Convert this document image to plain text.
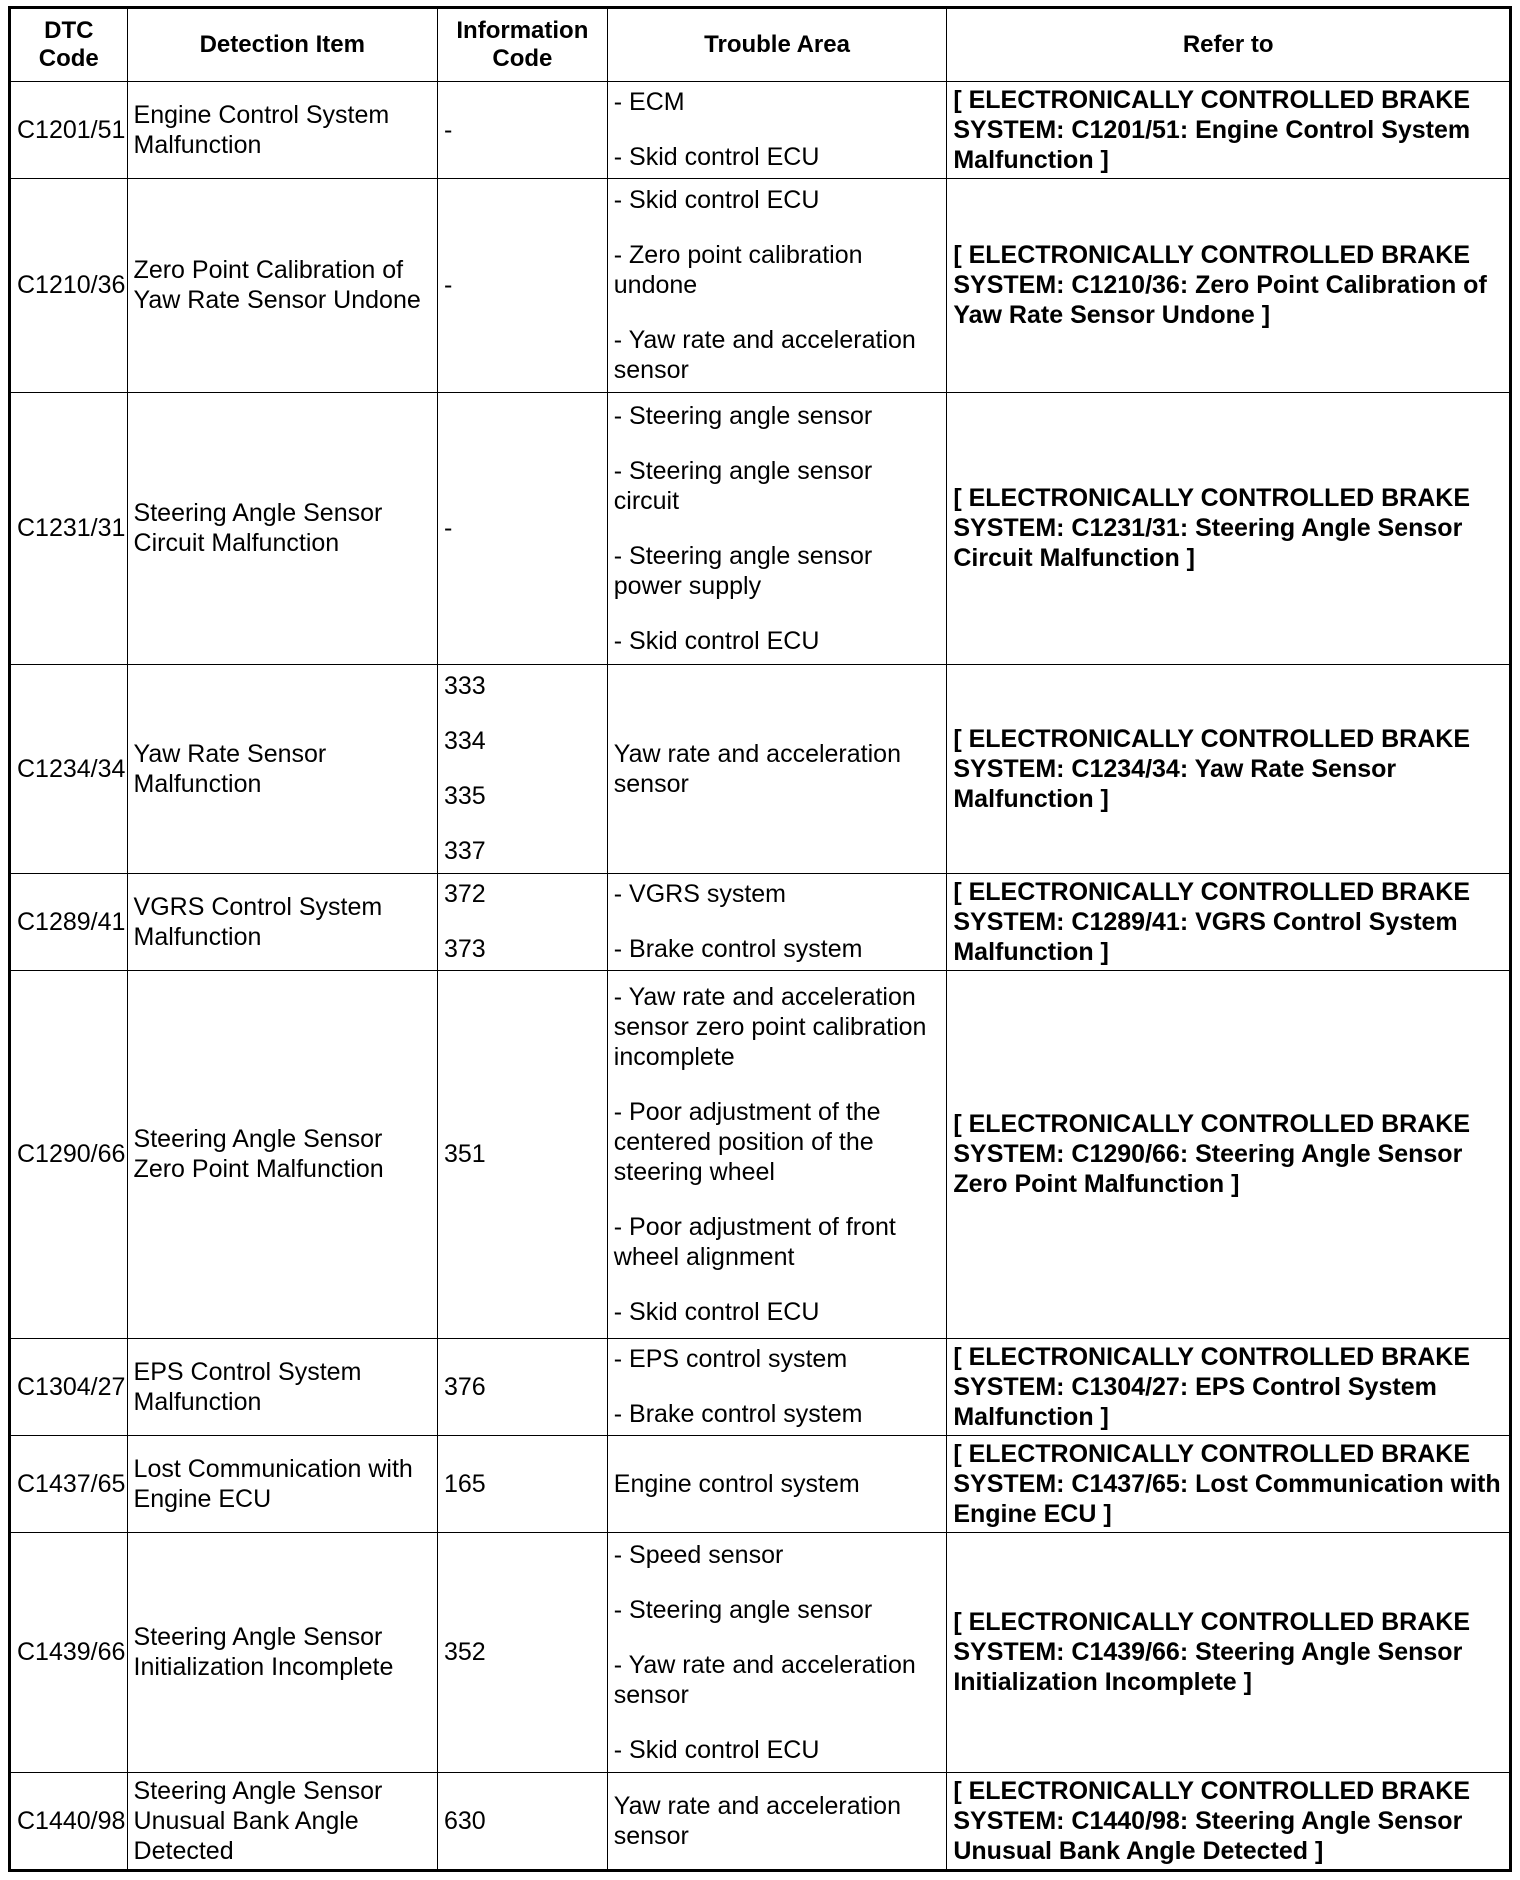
DTC Code	Detection Item	Information Code	Trouble Area	Refer to
C1201/51	Engine Control System Malfunction	-	- ECM
- Skid control ECU	[ ELECTRONICALLY CONTROLLED BRAKE SYSTEM: C1201/51: Engine Control System Malfunction ]
C1210/36	Zero Point Calibration of Yaw Rate Sensor Undone	-	- Skid control ECU
- Zero point calibration undone
- Yaw rate and acceleration sensor	[ ELECTRONICALLY CONTROLLED BRAKE SYSTEM: C1210/36: Zero Point Calibration of Yaw Rate Sensor Undone ]
C1231/31	Steering Angle Sensor Circuit Malfunction	-	- Steering angle sensor
- Steering angle sensor circuit
- Steering angle sensor power supply
- Skid control ECU	[ ELECTRONICALLY CONTROLLED BRAKE SYSTEM: C1231/31: Steering Angle Sensor Circuit Malfunction ]
C1234/34	Yaw Rate Sensor Malfunction	333
334
335
337	Yaw rate and acceleration sensor	[ ELECTRONICALLY CONTROLLED BRAKE SYSTEM: C1234/34: Yaw Rate Sensor Malfunction ]
C1289/41	VGRS Control System Malfunction	372
373	- VGRS system
- Brake control system	[ ELECTRONICALLY CONTROLLED BRAKE SYSTEM: C1289/41: VGRS Control System Malfunction ]
C1290/66	Steering Angle Sensor Zero Point Malfunction	351	- Yaw rate and acceleration sensor zero point calibration incomplete
- Poor adjustment of the centered position of the steering wheel
- Poor adjustment of front wheel alignment
- Skid control ECU	[ ELECTRONICALLY CONTROLLED BRAKE SYSTEM: C1290/66: Steering Angle Sensor Zero Point Malfunction ]
C1304/27	EPS Control System Malfunction	376	- EPS control system
- Brake control system	[ ELECTRONICALLY CONTROLLED BRAKE SYSTEM: C1304/27: EPS Control System Malfunction ]
C1437/65	Lost Communication with Engine ECU	165	Engine control system	[ ELECTRONICALLY CONTROLLED BRAKE SYSTEM: C1437/65: Lost Communication with Engine ECU ]
C1439/66	Steering Angle Sensor Initialization Incomplete	352	- Speed sensor
- Steering angle sensor
- Yaw rate and acceleration sensor
- Skid control ECU	[ ELECTRONICALLY CONTROLLED BRAKE SYSTEM: C1439/66: Steering Angle Sensor Initialization Incomplete ]
C1440/98	Steering Angle Sensor Unusual Bank Angle Detected	630	Yaw rate and acceleration sensor	[ ELECTRONICALLY CONTROLLED BRAKE SYSTEM: C1440/98: Steering Angle Sensor Unusual Bank Angle Detected ]
